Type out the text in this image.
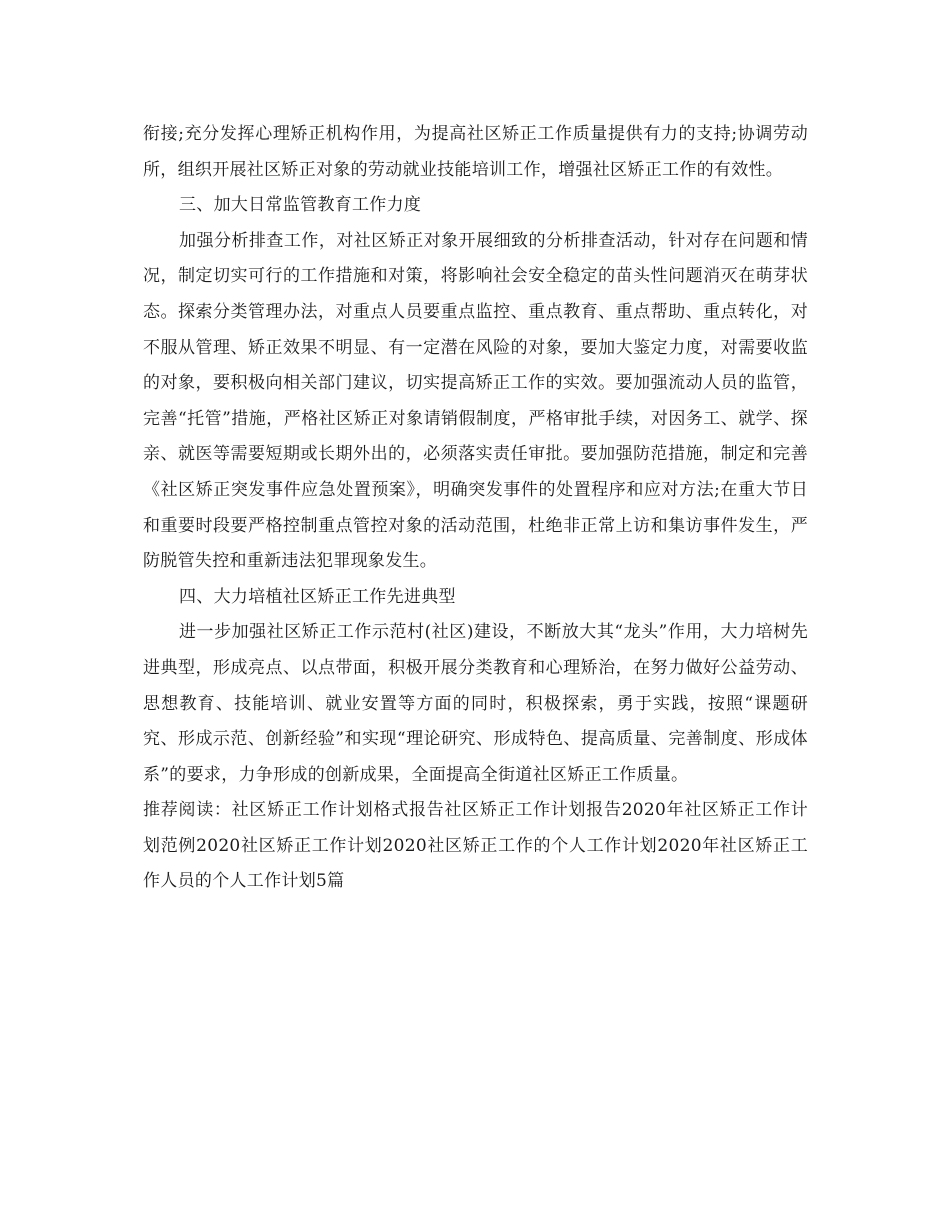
衔接;充分发挥心理矫正机构作用，为提高社区矫正工作质量提供有力的支持;协调劳动所，组织开展社区矫正对象的劳动就业技能培训工作，增强社区矫正工作的有效性。

三、加大日常监管教育工作力度

加强分析排查工作，对社区矫正对象开展细致的分析排查活动，针对存在问题和情况，制定切实可行的工作措施和对策，将影响社会安全稳定的苗头性问题消灭在萌芽状态。探索分类管理办法，对重点人员要重点监控、重点教育、重点帮助、重点转化，对不服从管理、矫正效果不明显、有一定潜在风险的对象，要加大鉴定力度，对需要收监的对象，要积极向相关部门建议，切实提高矫正工作的实效。要加强流动人员的监管，完善“托管”措施，严格社区矫正对象请销假制度，严格审批手续，对因务工、就学、探亲、就医等需要短期或长期外出的，必须落实责任审批。要加强防范措施，制定和完善《社区矫正突发事件应急处置预案》，明确突发事件的处置程序和应对方法;在重大节日和重要时段要严格控制重点管控对象的活动范围，杜绝非正常上访和集访事件发生，严防脱管失控和重新违法犯罪现象发生。

四、大力培植社区矫正工作先进典型

进一步加强社区矫正工作示范村(社区)建设，不断放大其“龙头”作用，大力培树先进典型，形成亮点、以点带面，积极开展分类教育和心理矫治，在努力做好公益劳动、思想教育、技能培训、就业安置等方面的同时，积极探索，勇于实践，按照“课题研究、形成示范、创新经验”和实现“理论研究、形成特色、提高质量、完善制度、形成体系”的要求，力争形成的创新成果，全面提高全街道社区矫正工作质量。

推荐阅读：社区矫正工作计划格式报告社区矫正工作计划报告2020年社区矫正工作计划范例2020社区矫正工作计划2020社区矫正工作的个人工作计划2020年社区矫正工作人员的个人工作计划5篇
